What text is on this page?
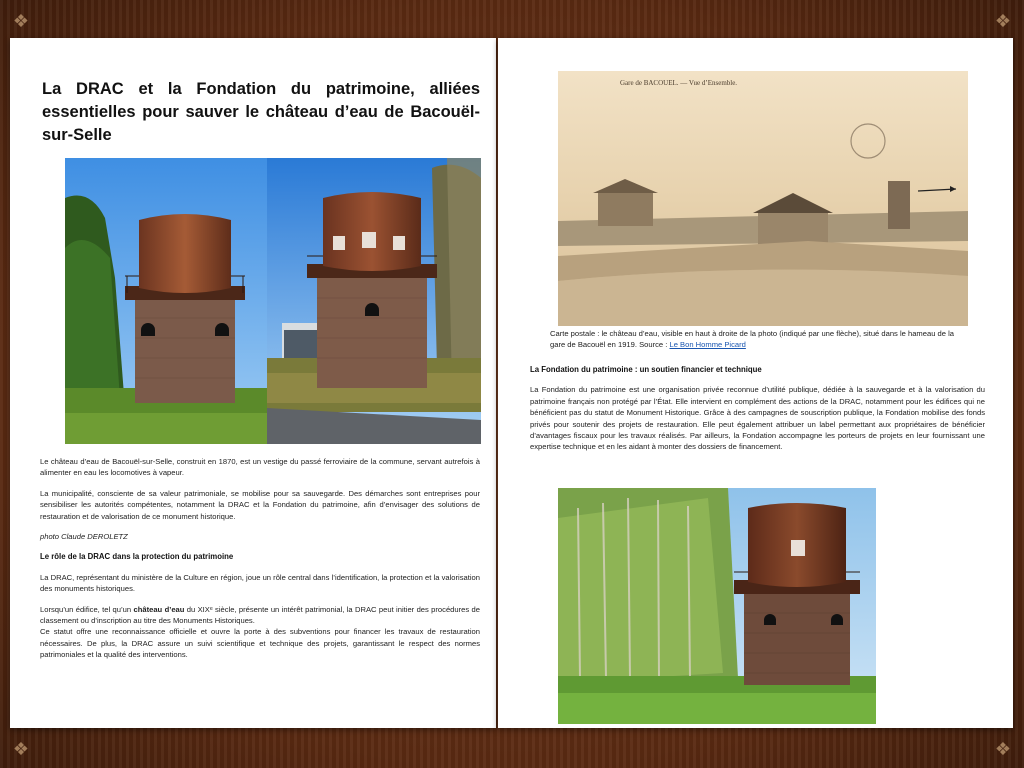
❖	❖
❖	❖
La DRAC et la Fondation du patrimoine, alliées essentielles pour sauver le château d’eau de Bacouël-sur-Selle

Le château d’eau de Bacouël-sur-Selle, construit en 1870, est un vestige du passé ferroviaire de la commune, servant autrefois à alimenter en eau les locomotives à vapeur.

La municipalité, consciente de sa valeur patrimoniale, se mobilise pour sa sauvegarde. Des démarches sont entreprises pour sensibiliser les autorités compétentes, notamment la DRAC et la Fondation du patrimoine, afin d’envisager des solutions de restauration et de valorisation de ce monument historique.

photo Claude DEROLETZ

Le rôle de la DRAC dans la protection du patrimoine

La DRAC, représentant du ministère de la Culture en région, joue un rôle central dans l’identification, la protection et la valorisation des monuments historiques.

Lorsqu’un édifice, tel qu’un château d’eau du XIXᵉ siècle, présente un intérêt patrimonial, la DRAC peut initier des procédures de classement ou d’inscription au titre des Monuments Historiques.

Ce statut offre une reconnaissance officielle et ouvre la porte à des subventions pour financer les travaux de restauration nécessaires. De plus, la DRAC assure un suivi scientifique et technique des projets, garantissant le respect des normes patrimoniales et la qualité des interventions.

Gare de BACOUEL. — Vue d’Ensemble.
Carte postale : le château d’eau, visible en haut à droite de la photo (indiqué par une flèche), situé dans le hameau de la gare de Bacouël en 1919. Source : Le Bon Homme Picard

La Fondation du patrimoine : un soutien financier et technique

La Fondation du patrimoine est une organisation privée reconnue d’utilité publique, dédiée à la sauvegarde et à la valorisation du patrimoine français non protégé par l’État. Elle intervient en complément des actions de la DRAC, notamment pour les édifices qui ne bénéficient pas du statut de Monument Historique. Grâce à des campagnes de souscription publique, la Fondation mobilise des fonds privés pour soutenir des projets de restauration. Elle peut également attribuer un label permettant aux propriétaires de bénéficier d’avantages fiscaux pour les travaux réalisés. Par ailleurs, la Fondation accompagne les porteurs de projets en leur fournissant une expertise technique et en les aidant à monter des dossiers de financement.
